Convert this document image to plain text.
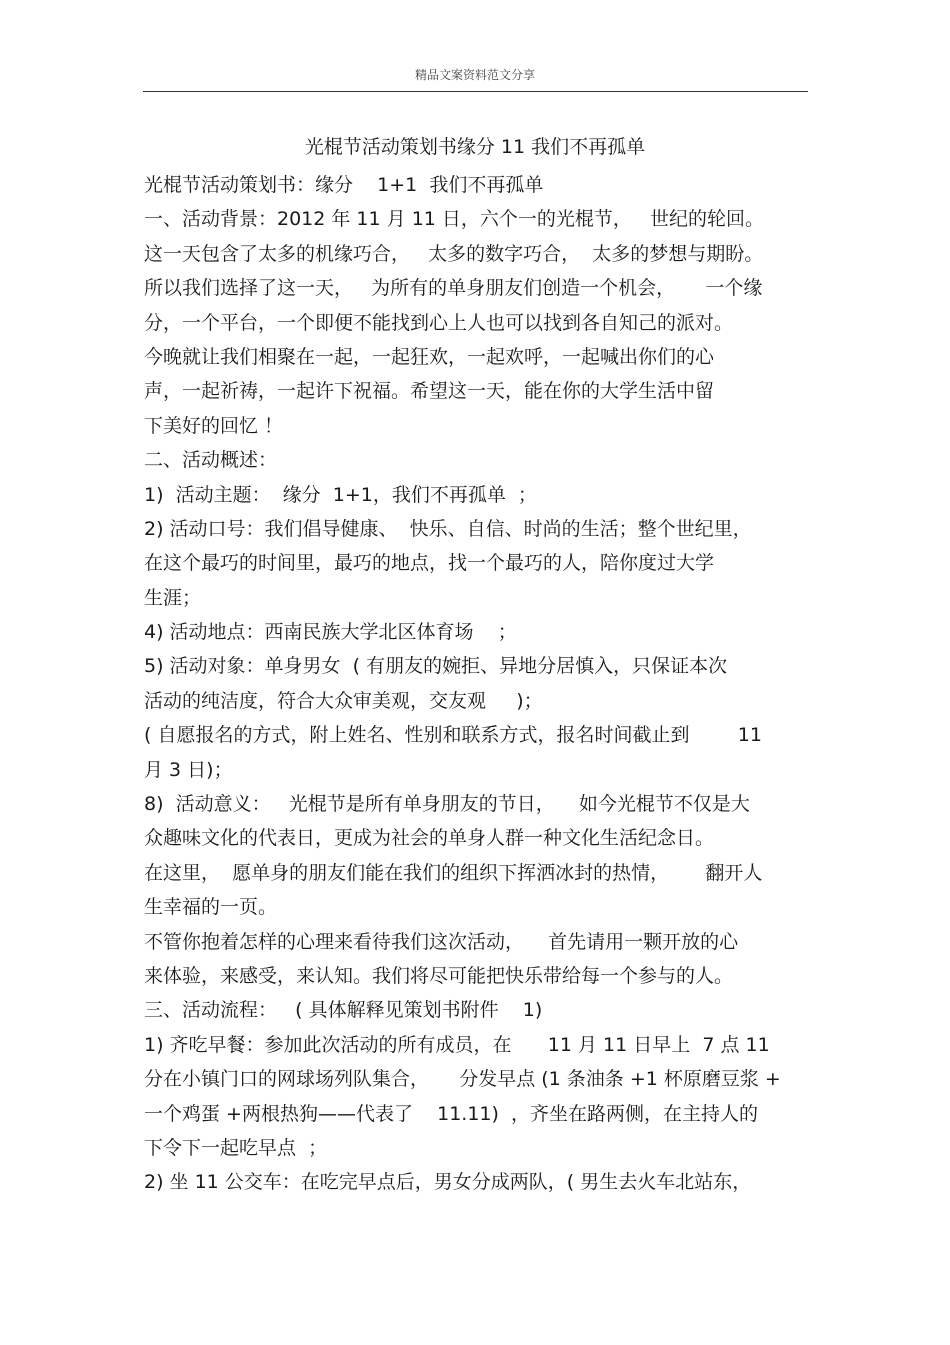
精品文案资料范文分享
光棍节活动策划书缘分 11 我们不再孤单
光棍节活动策划书：缘分    1+1  我们不再孤单
一、活动背景：2012 年 11 月 11 日，六个一的光棍节，   世纪的轮回。
这一天包含了太多的机缘巧合，   太多的数字巧合，  太多的梦想与期盼。
所以我们选择了这一天，   为所有的单身朋友们创造一个机会，     一个缘
分，一个平台，一个即便不能找到心上人也可以找到各自知己的派对。
今晚就让我们相聚在一起，一起狂欢，一起欢呼，一起喊出你们的心
声，一起祈祷，一起许下祝福。希望这一天，能在你的大学生活中留
下美好的回忆 ！
二、活动概述：
1)  活动主题：  缘分  1+1，我们不再孤单  ；
2) 活动口号：我们倡导健康、  快乐、自信、时尚的生活；整个世纪里，
在这个最巧的时间里，最巧的地点，找一个最巧的人，陪你度过大学
生涯；
4) 活动地点：西南民族大学北区体育场    ；
5) 活动对象：单身男女  ( 有朋友的婉拒、异地分居慎入，只保证本次
活动的纯洁度，符合大众审美观，交友观     )；
( 自愿报名的方式，附上姓名、性别和联系方式，报名时间截止到        11
月 3 日)；
8)  活动意义：   光棍节是所有单身朋友的节日，    如今光棍节不仅是大
众趣味文化的代表日，更成为社会的单身人群一种文化生活纪念日。
在这里，  愿单身的朋友们能在我们的组织下挥洒冰封的热情，      翻开人
生幸福的一页。
不管你抱着怎样的心理来看待我们这次活动，    首先请用一颗开放的心
来体验，来感受，来认知。我们将尽可能把快乐带给每一个参与的人。
三、活动流程：   ( 具体解释见策划书附件    1)
1) 齐吃早餐：参加此次活动的所有成员，在      11 月 11 日早上  7 点 11
分在小镇门口的网球场列队集合，     分发早点 (1 条油条 +1 杯原磨豆浆 +
一个鸡蛋 +两根热狗——代表了    11.11)  ，齐坐在路两侧，在主持人的
下令下一起吃早点  ；
2) 坐 11 公交车：在吃完早点后，男女分成两队，( 男生去火车北站东，
